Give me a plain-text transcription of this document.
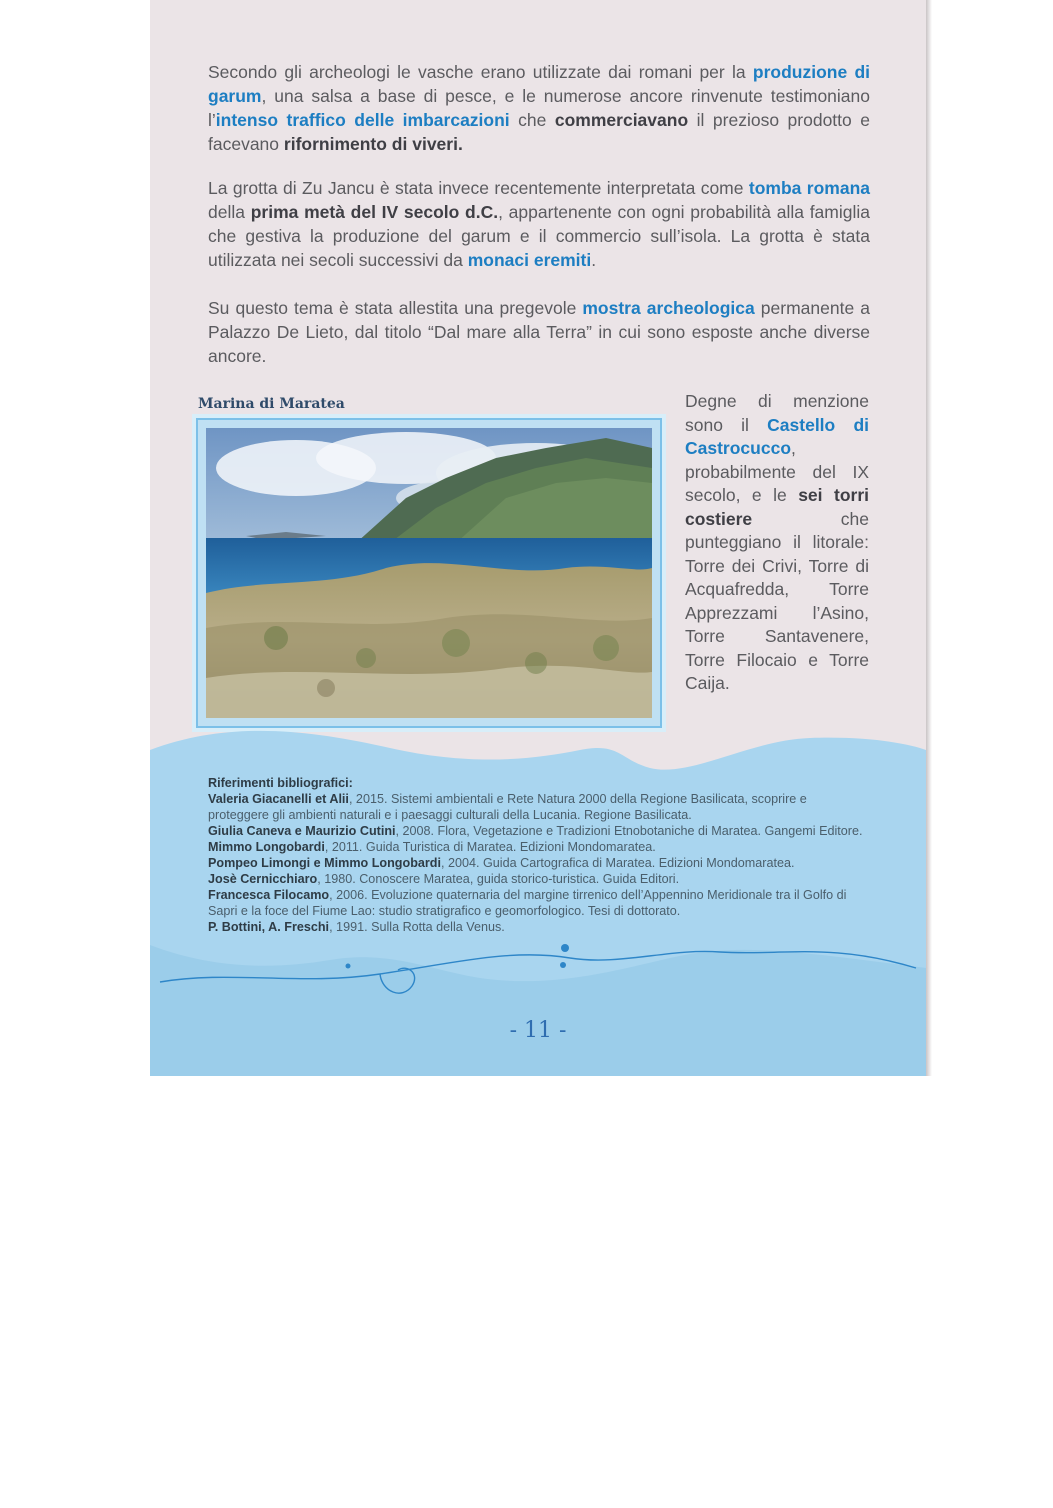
Secondo gli archeologi le vasche erano utilizzate dai romani per la produzione di garum, una salsa a base di pesce, e le numerose ancore rinvenute testimoniano l’intenso traffico delle imbarcazioni che commerciavano il prezioso prodotto e facevano rifornimento di viveri.

La grotta di Zu Jancu è stata invece recentemente interpretata come tomba romana della prima metà del IV secolo d.C., appartenente con ogni probabilità alla famiglia che gestiva la produzione del garum e il commercio sull’isola. La grotta è stata utilizzata nei secoli successivi da monaci eremiti.

Su questo tema è stata allestita una pregevole mostra archeologica permanente a Palazzo De Lieto, dal titolo “Dal mare alla Terra” in cui sono esposte anche diverse ancore.

Marina di Maratea	Degne di menzione sono il Castello di Castrocucco, probabilmente del IX secolo, e le sei torri costiere che punteggiano il litorale: Torre dei Crivi, Torre di Acquafredda, Torre Apprezzami l’Asino, Torre Santavenere, Torre Filocaio e Torre Caija.

Riferimenti bibliografici:

Valeria Giacanelli et Alii, 2015. Sistemi ambientali e Rete Natura 2000 della Regione Basilicata, scoprire e proteggere gli ambienti naturali e i paesaggi culturali della Lucania. Regione Basilicata.

Giulia Caneva e Maurizio Cutini, 2008. Flora, Vegetazione e Tradizioni Etnobotaniche di Maratea. Gangemi Editore.

Mimmo Longobardi, 2011. Guida Turistica di Maratea. Edizioni Mondomaratea.

Pompeo Limongi e Mimmo Longobardi, 2004. Guida Cartografica di Maratea. Edizioni Mondomaratea.

Josè Cernicchiaro, 1980. Conoscere Maratea, guida storico-turistica. Guida Editori.

Francesca Filocamo, 2006. Evoluzione quaternaria del margine tirrenico dell’Appennino Meridionale tra il Golfo di Sapri e la foce del Fiume Lao: studio stratigrafico e geomorfologico. Tesi di dottorato.

P. Bottini, A. Freschi, 1991. Sulla Rotta della Venus.

- 11 -
